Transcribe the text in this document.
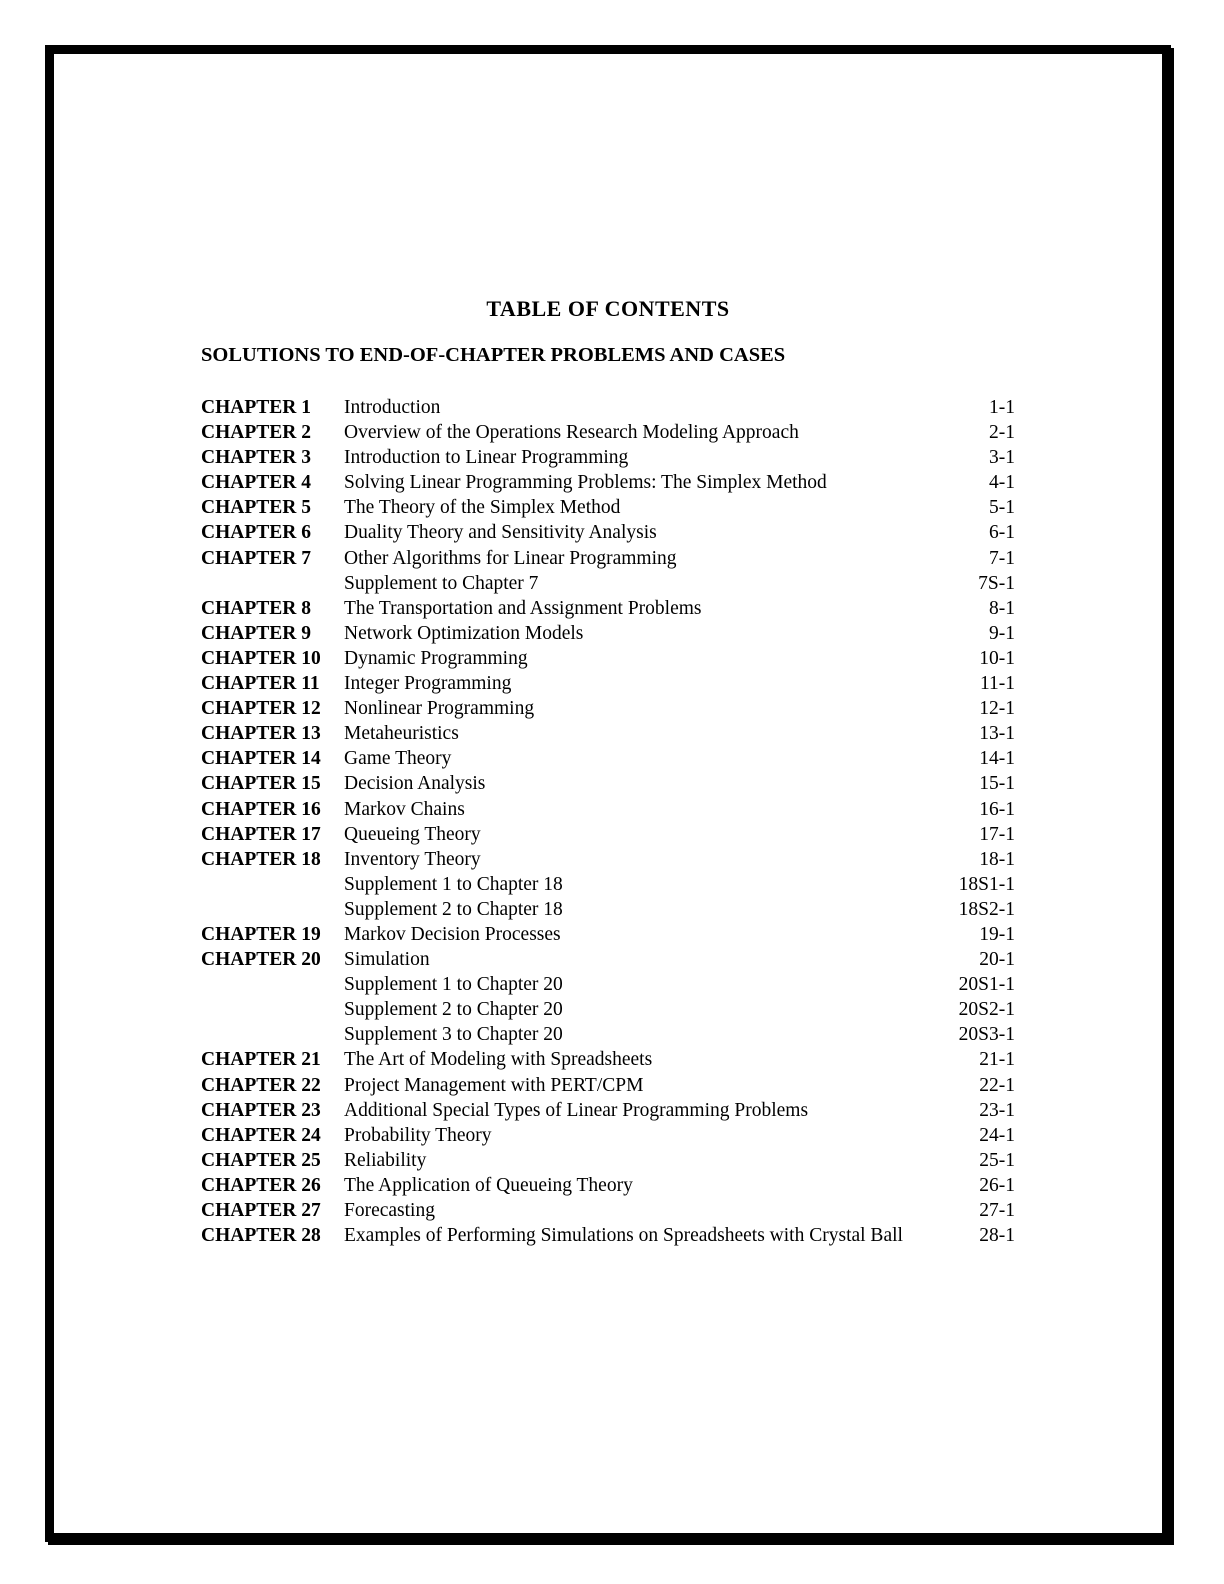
TABLE OF CONTENTS
SOLUTIONS TO END-OF-CHAPTER PROBLEMS AND CASES
CHAPTER 1	Introduction	1-1
CHAPTER 2	Overview of the Operations Research Modeling Approach	2-1
CHAPTER 3	Introduction to Linear Programming	3-1
CHAPTER 4	Solving Linear Programming Problems: The Simplex Method	4-1
CHAPTER 5	The Theory of the Simplex Method	5-1
CHAPTER 6	Duality Theory and Sensitivity Analysis	6-1
CHAPTER 7	Other Algorithms for Linear Programming	7-1
Supplement to Chapter 7	7S-1
CHAPTER 8	The Transportation and Assignment Problems	8-1
CHAPTER 9	Network Optimization Models	9-1
CHAPTER 10	Dynamic Programming	10-1
CHAPTER 11	Integer Programming	11-1
CHAPTER 12	Nonlinear Programming	12-1
CHAPTER 13	Metaheuristics	13-1
CHAPTER 14	Game Theory	14-1
CHAPTER 15	Decision Analysis	15-1
CHAPTER 16	Markov Chains	16-1
CHAPTER 17	Queueing Theory	17-1
CHAPTER 18	Inventory Theory	18-1
Supplement 1 to Chapter 18	18S1-1
Supplement 2 to Chapter 18	18S2-1
CHAPTER 19	Markov Decision Processes	19-1
CHAPTER 20	Simulation	20-1
Supplement 1 to Chapter 20	20S1-1
Supplement 2 to Chapter 20	20S2-1
Supplement 3 to Chapter 20	20S3-1
CHAPTER 21	The Art of Modeling with Spreadsheets	21-1
CHAPTER 22	Project Management with PERT/CPM	22-1
CHAPTER 23	Additional Special Types of Linear Programming Problems	23-1
CHAPTER 24	Probability Theory	24-1
CHAPTER 25	Reliability	25-1
CHAPTER 26	The Application of Queueing Theory	26-1
CHAPTER 27	Forecasting	27-1
CHAPTER 28	Examples of Performing Simulations on Spreadsheets with Crystal Ball	28-1
